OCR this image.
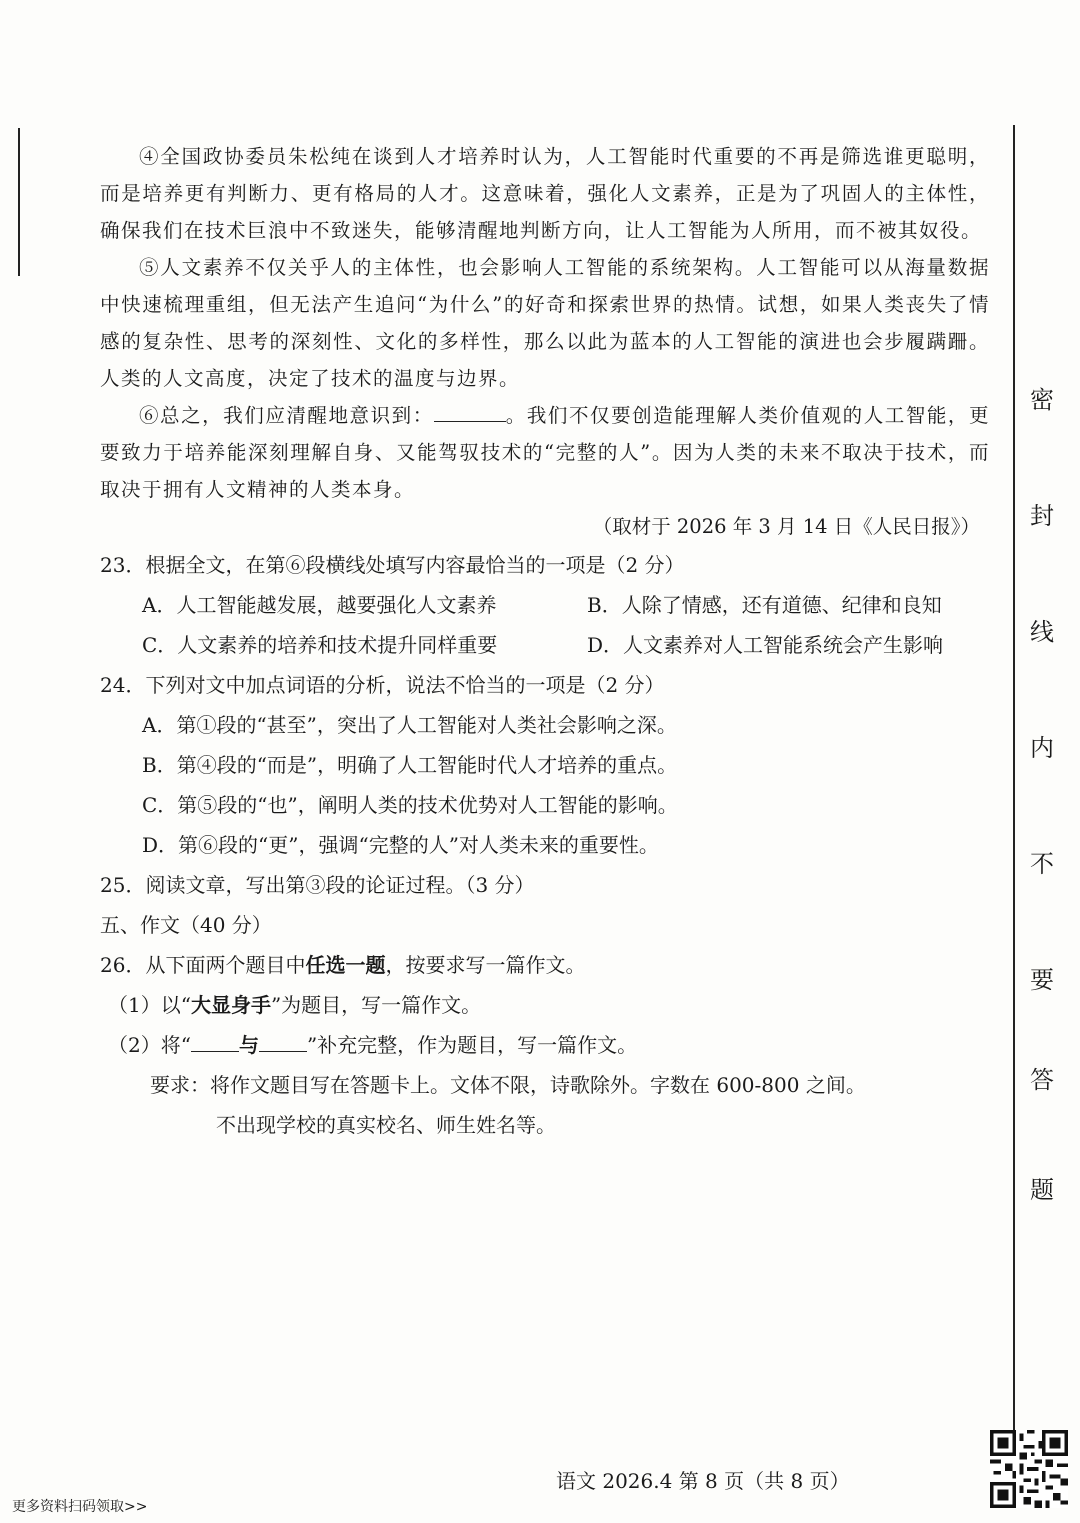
密
封
线
内
不
要
答
题

④全国政协委员朱松纯在谈到人才培养时认为，人工智能时代重要的不再是筛选谁更聪明，而是培养更有判断力、更有格局的人才。这意味着，强化人文素养，正是为了巩固人的主体性，确保我们在技术巨浪中不致迷失，能够清醒地判断方向，让人工智能为人所用，而不被其奴役。

⑤人文素养不仅关乎人的主体性，也会影响人工智能的系统架构。人工智能可以从海量数据中快速梳理重组，但无法产生追问“为什么”的好奇和探索世界的热情。试想，如果人类丧失了情感的复杂性、思考的深刻性、文化的多样性，那么以此为蓝本的人工智能的演进也会步履蹒跚。人类的人文高度，决定了技术的温度与边界。

⑥总之，我们应清醒地意识到：	。我们不仅要创造能理解人类价值观的人工智能，更要致力于培养能深刻理解自身、又能驾驭技术的“完整的人”。因为人类的未来不取决于技术，而取决于拥有人文精神的人类本身。

（取材于 2026 年 3 月 14 日《人民日报》）

23．根据全文，在第⑥段横线处填写内容最恰当的一项是（2 分）

A．人工智能越发展，越要强化人文素养	B．人除了情感，还有道德、纪律和良知
C．人文素养的培养和技术提升同样重要	D．人文素养对人工智能系统会产生影响

24．下列对文中加点词语的分析，说法不恰当的一项是（2 分）

A．第①段的“甚至”，突出了人工智能对人类社会影响之深。

B．第④段的“而是”，明确了人工智能时代人才培养的重点。

C．第⑤段的“也”，阐明人类的技术优势对人工智能的影响。

D．第⑥段的“更”，强调“完整的人”对人类未来的重要性。

25．阅读文章，写出第③段的论证过程。（3 分）

五、作文（40 分）

26．从下面两个题目中任选一题，按要求写一篇作文。

（1）以“大显身手”为题目，写一篇作文。

（2）将“ 与 ”补充完整，作为题目，写一篇作文。

要求：将作文题目写在答题卡上。文体不限，诗歌除外。字数在 600-800 之间。

不出现学校的真实校名、师生姓名等。

语文 2026.4 第 8 页（共 8 页）
更多资料扫码领取>>
